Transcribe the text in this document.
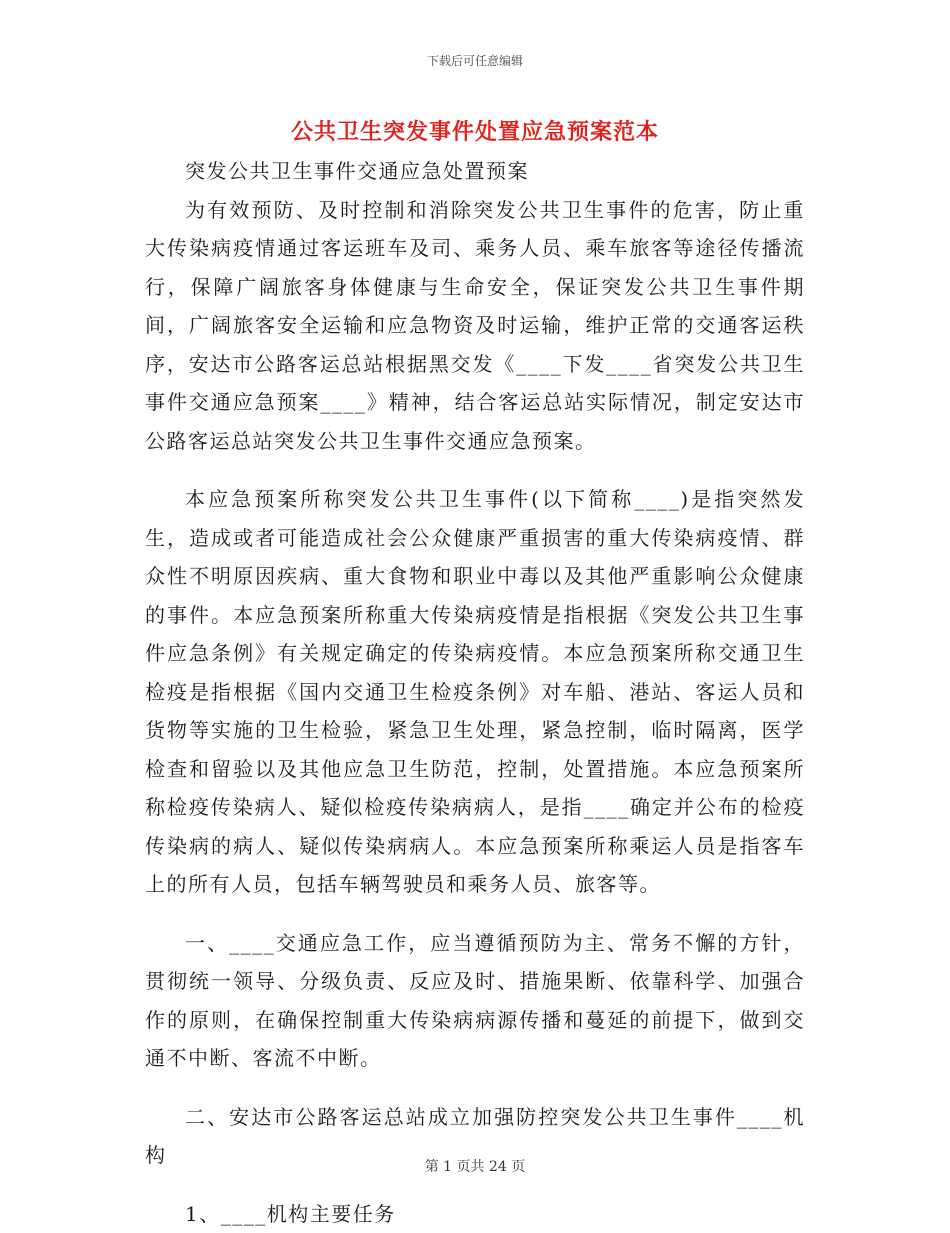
下载后可任意编辑
公共卫生突发事件处置应急预案范本

突发公共卫生事件交通应急处置预案

为有效预防、及时控制和消除突发公共卫生事件的危害，防止重大传染病疫情通过客运班车及司、乘务人员、乘车旅客等途径传播流行，保障广阔旅客身体健康与生命安全，保证突发公共卫生事件期间，广阔旅客安全运输和应急物资及时运输，维护正常的交通客运秩序，安达市公路客运总站根据黑交发《____下发____省突发公共卫生事件交通应急预案____》精神，结合客运总站实际情况，制定安达市公路客运总站突发公共卫生事件交通应急预案。

本应急预案所称突发公共卫生事件(以下简称____)是指突然发生，造成或者可能造成社会公众健康严重损害的重大传染病疫情、群众性不明原因疾病、重大食物和职业中毒以及其他严重影响公众健康的事件。本应急预案所称重大传染病疫情是指根据《突发公共卫生事件应急条例》有关规定确定的传染病疫情。本应急预案所称交通卫生检疫是指根据《国内交通卫生检疫条例》对车船、港站、客运人员和货物等实施的卫生检验，紧急卫生处理，紧急控制，临时隔离，医学检查和留验以及其他应急卫生防范，控制，处置措施。本应急预案所称检疫传染病人、疑似检疫传染病病人，是指____确定并公布的检疫传染病的病人、疑似传染病病人。本应急预案所称乘运人员是指客车上的所有人员，包括车辆驾驶员和乘务人员、旅客等。

一、____交通应急工作，应当遵循预防为主、常务不懈的方针，贯彻统一领导、分级负责、反应及时、措施果断、依靠科学、加强合作的原则，在确保控制重大传染病病源传播和蔓延的前提下，做到交通不中断、客流不中断。

二、安达市公路客运总站成立加强防控突发公共卫生事件____机构

1、____机构主要任务

第 1 页共 24 页
